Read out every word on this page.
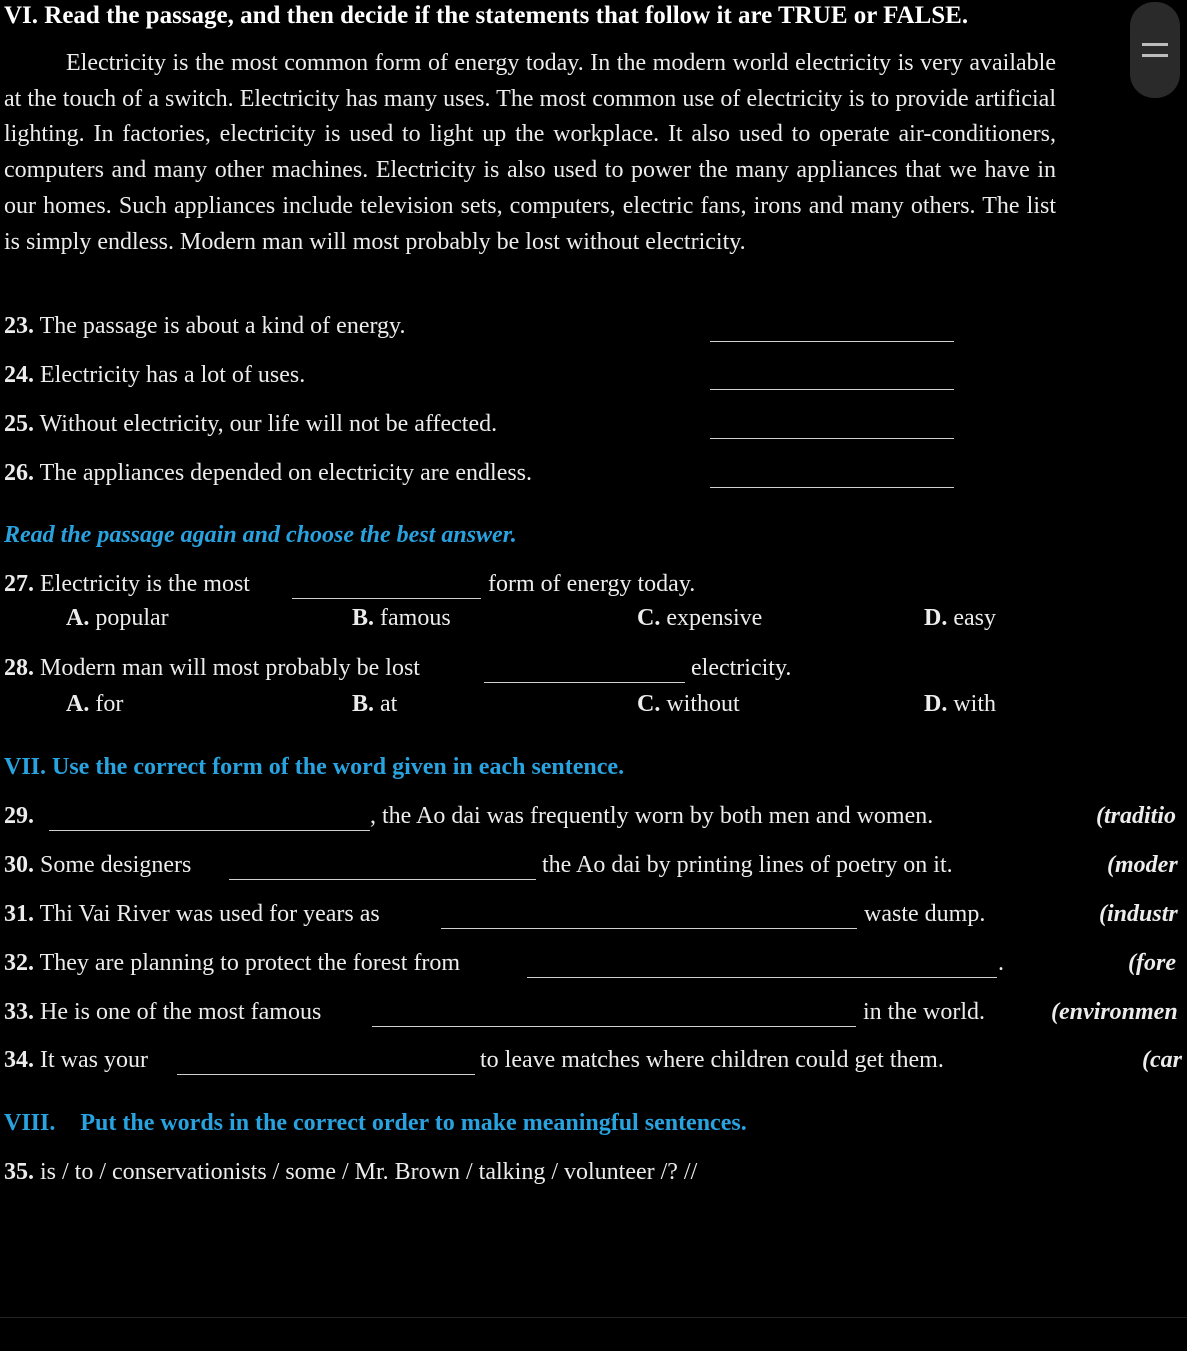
VI. Read the passage, and then decide if the statements that follow it are TRUE or FALSE.
Electricity is the most common form of energy today. In the modern world electricity is very available at the touch of a switch. Electricity has many uses. The most common use of electricity is to provide artificial lighting. In factories, electricity is used to light up the workplace. It also used to operate air-conditioners, computers and many other machines. Electricity is also used to power the many appliances that we have in our homes. Such appliances include television sets, computers, electric fans, irons and many others. The list is simply endless. Modern man will most probably be lost without electricity.
23. The passage is about a kind of energy.
24. Electricity has a lot of uses.
25. Without electricity, our life will not be affected.
26. The appliances depended on electricity are endless.
Read the passage again and choose the best answer.
27. Electricity is the most	form of energy today.
A. popular	B. famous	C. expensive	D. easy
28. Modern man will most probably be lost	electricity.
A. for	B. at	C. without	D. with
VII. Use the correct form of the word given in each sentence.
29.	, the Ao dai was frequently worn by both men and women.	(traditio
30. Some designers	the Ao dai by printing lines of poetry on it.	(moder
31. Thi Vai River was used for years as	waste dump.	(industr
32. They are planning to protect the forest from	.	(fore
33. He is one of the most famous	in the world.	(environmen
34. It was your	to leave matches where children could get them.	(car
VIII. Put the words in the correct order to make meaningful sentences.
35. is / to / conservationists / some / Mr. Brown / talking / volunteer /? //
